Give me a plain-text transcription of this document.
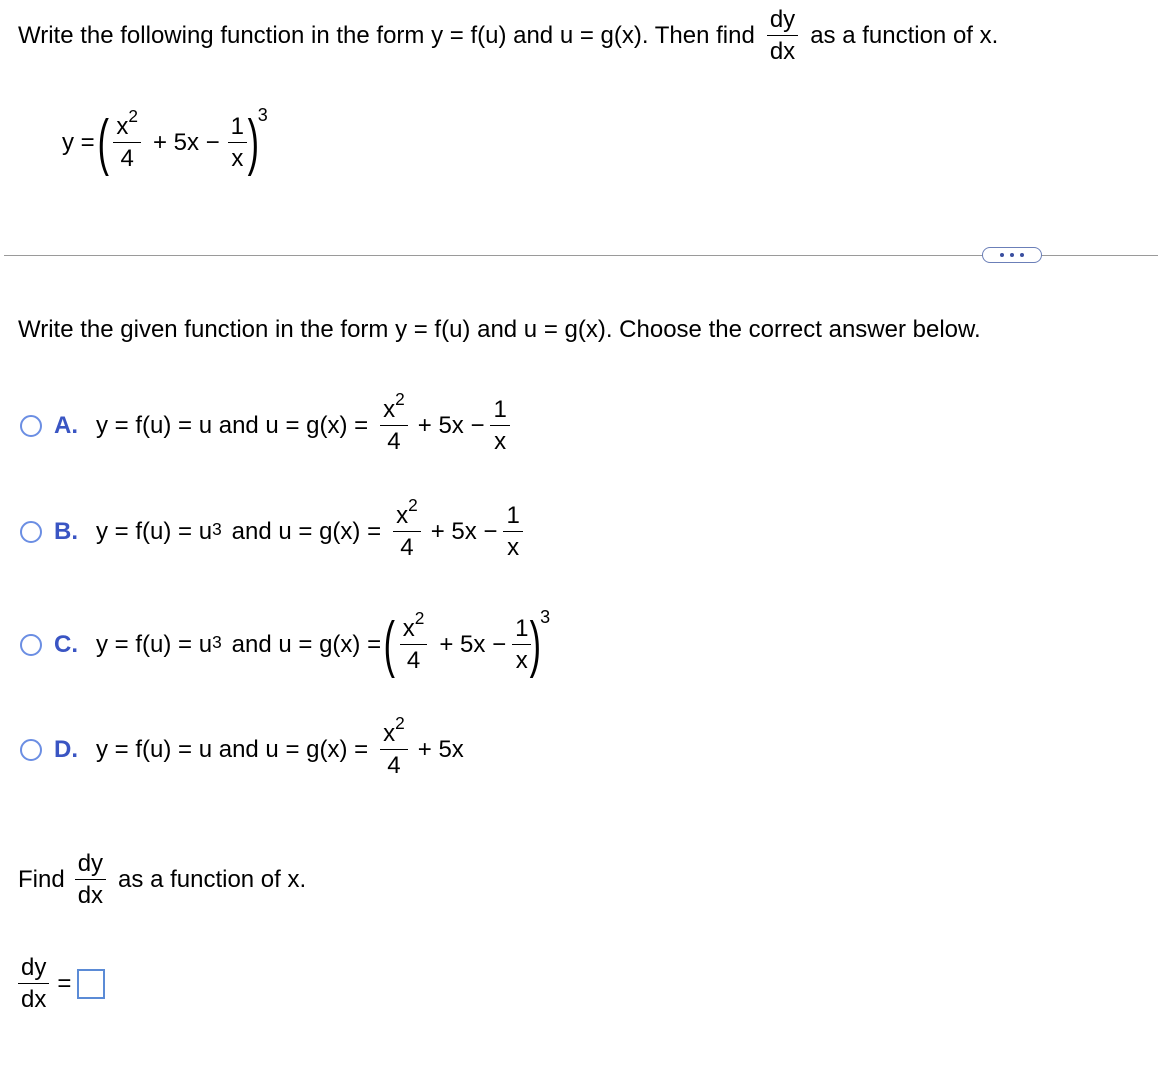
Write the following function in the form y = f(u) and u = g(x). Then find $\frac{dy}{dx}$ as a function of x.
y = ( $\frac{x^2}{4} + 5x - \frac{1}{x}$ )
$^3$
Write the given function in the form y = f(u) and u = g(x). Choose the correct answer below.
A. y = f(u) = u and $u = g(x) = \frac{x^2}{4} + 5x - \frac{1}{x}$
B. $y = f(u) = u^3$ and $u = g(x) = \frac{x^2}{4} + 5x - \frac{1}{x}$
C. $y = f(u) = u^3$ and u = g(x) = ( $\frac{x^2}{4} + 5x - \frac{1}{x}$
)
$^3$
D. y = f(u) = u and $u = g(x) = \frac{x^2}{4} + 5x$
Find $\frac{dy}{dx}$ as a function of x.
$\frac{dy}{dx}$ =
